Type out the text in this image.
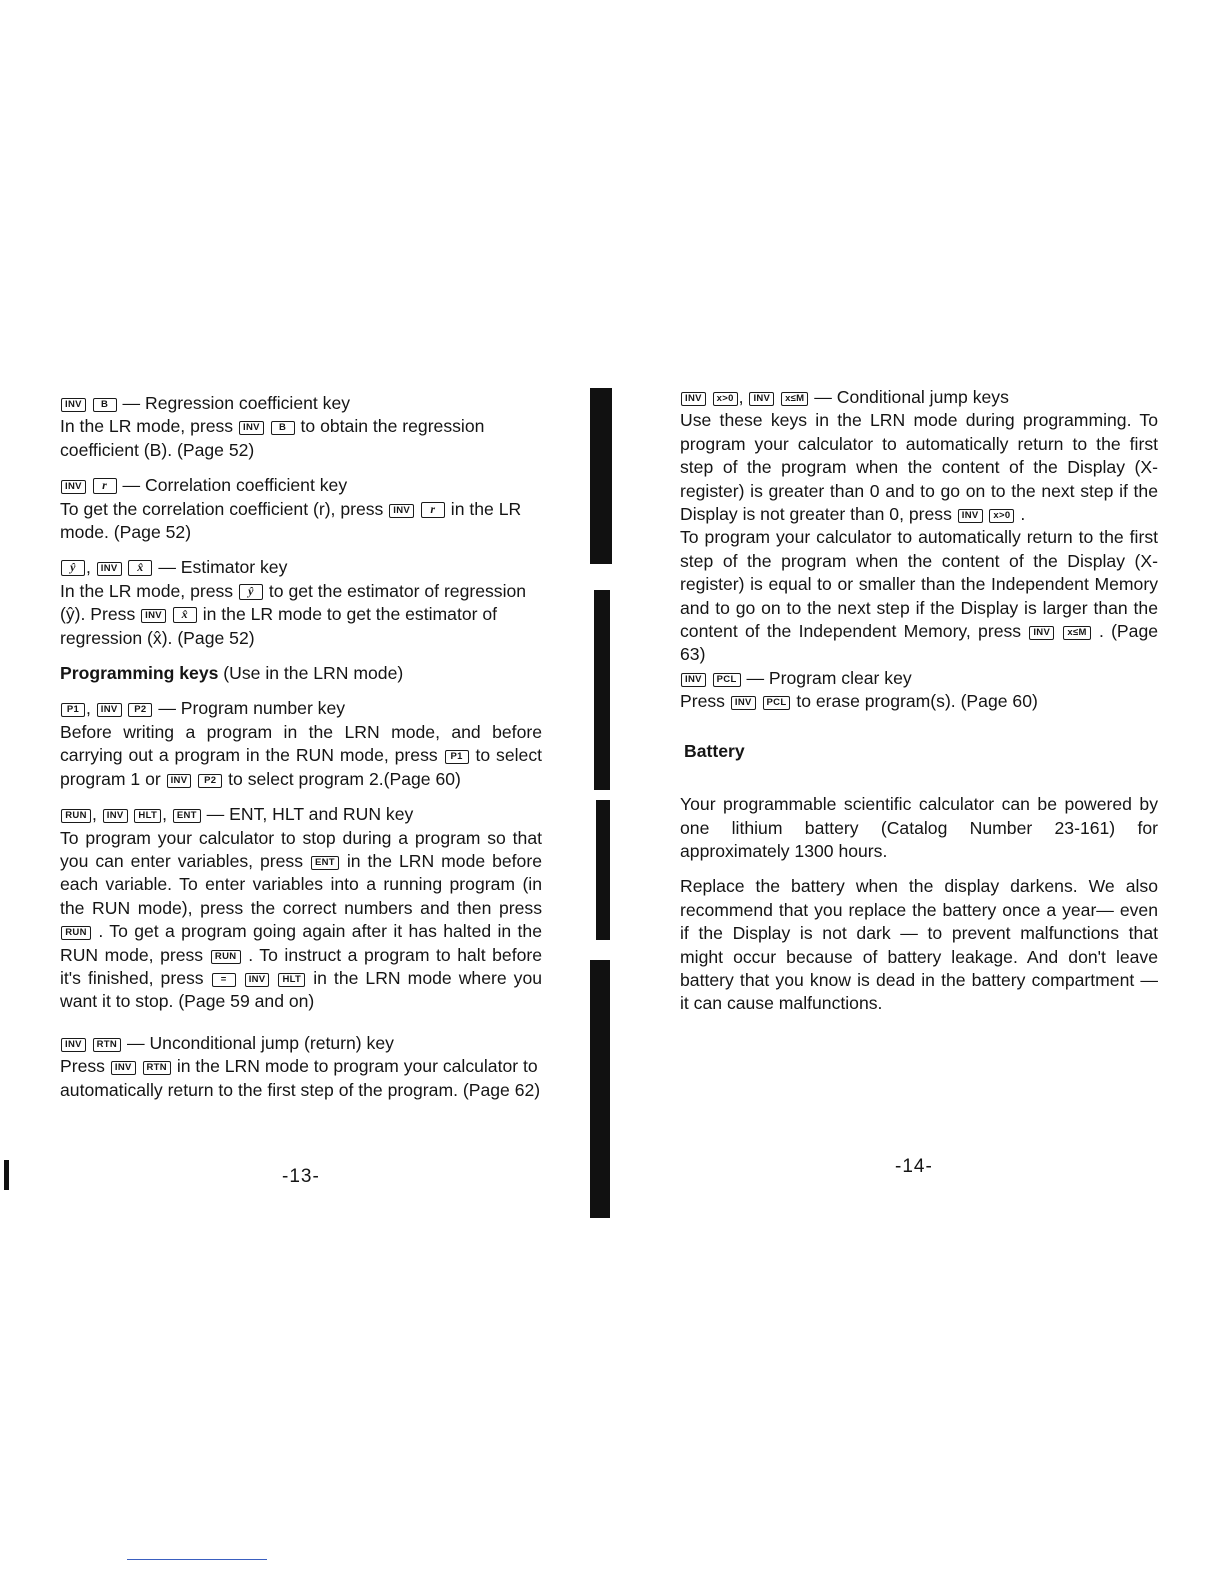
INV B — Regression coefficient key
In the LR mode, press INV B to obtain the regression coefficient (B). (Page 52)
INV r — Correlation coefficient key
To get the correlation coefficient (r), press INV r in the LR mode. (Page 52)
ŷ , INV x̂ — Estimator key
In the LR mode, press ŷ to get the estimator of regression (ŷ). Press INV x̂ in the LR mode to get the estimator of regression (x̂). (Page 52)
Programming keys (Use in the LRN mode)
P1 , INV P2 — Program number key
Before writing a program in the LRN mode, and before carrying out a program in the RUN mode, press P1 to select program 1 or INV P2 to select program 2.(Page 60)
RUN , INV HLT , ENT — ENT, HLT and RUN key
To program your calculator to stop during a program so that you can enter variables, press ENT in the LRN mode before each variable. To enter variables into a running program (in the RUN mode), press the correct numbers and then press RUN . To get a program going again after it has halted in the RUN mode, press RUN . To instruct a program to halt before it's finished, press = INV HLT in the LRN mode where you want it to stop. (Page 59 and on)
INV RTN — Unconditional jump (return) key
Press INV RTN in the LRN mode to program your calculator to automatically return to the first step of the program. (Page 62)
-13-
INV x>0 , INV x≤M — Conditional jump keys
Use these keys in the LRN mode during programming. To program your calculator to automatically return to the first step of the program when the content of the Display (X-register) is greater than 0 and to go on to the next step if the Display is not greater than 0, press INV x>0 .
To program your calculator to automatically return to the first step of the program when the content of the Display (X-register) is equal to or smaller than the Independent Memory and to go on to the next step if the Display is larger than the content of the Independent Memory, press INV x≤M . (Page 63)
INV PCL — Program clear key
Press INV PCL to erase program(s). (Page 60)
Battery
Your programmable scientific calculator can be powered by one lithium battery (Catalog Number 23-161) for approximately 1300 hours.
Replace the battery when the display darkens. We also recommend that you replace the battery once a year— even if the Display is not dark — to prevent malfunctions that might occur because of battery leakage. And don't leave battery that you know is dead in the battery compartment — it can cause malfunctions.
-14-
